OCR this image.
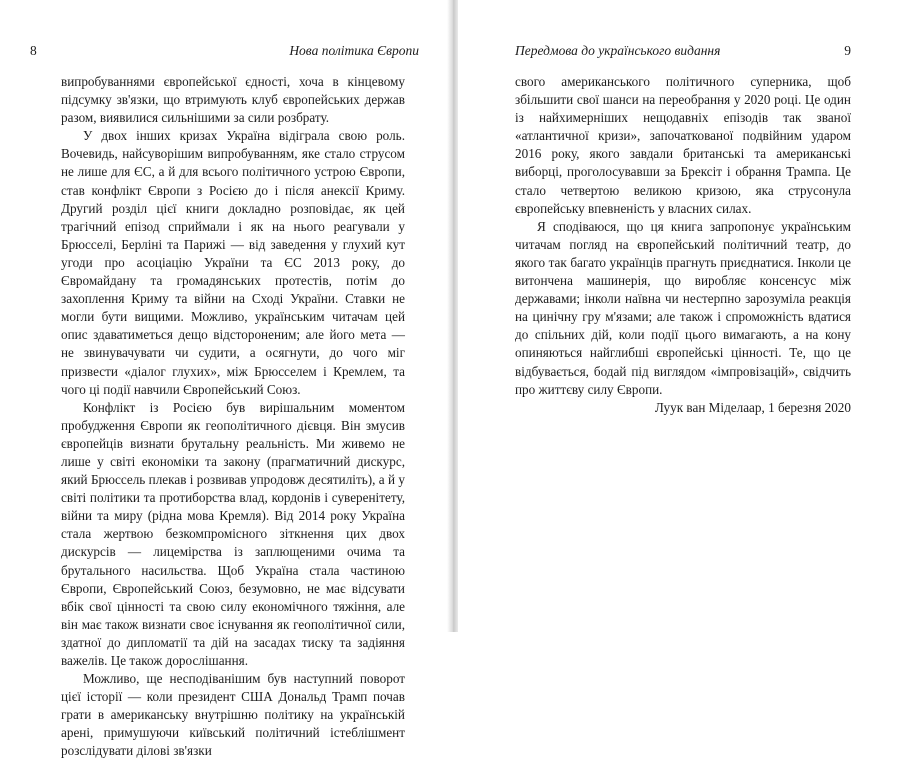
8	Нова політика Європи

випробуваннями європейської єдності, хоча в кінцевому підсумку зв'язки, що втримують клуб європейських держав разом, виявилися сильнішими за сили розбрату.

У двох інших кризах Україна відіграла свою роль. Вочевидь, найсуворішим випробуванням, яке стало струсом не лише для ЄС, а й для всього політичного устрою Європи, став конфлікт Європи з Росією до і після анексії Криму. Другий розділ цієї книги докладно розповідає, як цей трагічний епізод сприймали і як на нього реагували у Брюсселі, Берліні та Парижі — від заведення у глухий кут угоди про асоціацію України та ЄС 2013 року, до Євромайдану та громадянських протестів, потім до захоплення Криму та війни на Сході України. Ставки не могли бути вищими. Можливо, українським читачам цей опис здаватиметься дещо відстороненим; але його мета — не звинувачувати чи судити, а осягнути, до чого міг призвести «діалог глухих», між Брюсселем і Кремлем, та чого ці події навчили Європейський Союз.

Конфлікт із Росією був вирішальним моментом пробудження Європи як геополітичного дієвця. Він змусив європейців визнати брутальну реальність. Ми живемо не лише у світі економіки та закону (прагматичний дискурс, який Брюссель плекав і розвивав упродовж десятиліть), а й у світі політики та протиборства влад, кордонів і суверенітету, війни та миру (рідна мова Кремля). Від 2014 року Україна стала жертвою безкомпромісного зіткнення цих двох дискурсів — лицемірства із заплющеними очима та брутального насильства. Щоб Україна стала частиною Європи, Європейський Союз, безумовно, не має відсувати вбік свої цінності та свою силу економічного тяжіння, але він має також визнати своє існування як геополітичної сили, здатної до дипломатії та дій на засадах тиску та задіяння важелів. Це також дорослішання.

Можливо, ще несподіванішим був наступний поворот цієї історії — коли президент США Дональд Трамп почав грати в американську внутрішню політику на українській арені, примушуючи київський політичний істеблішмент розслідувати ділові зв'язки

Передмова до українського видання	9

свого американського політичного суперника, щоб збільшити свої шанси на переобрання у 2020 році. Це один із найхимерніших нещодавніх епізодів так званої «атлантичної кризи», започаткованої подвійним ударом 2016 року, якого завдали британські та американські виборці, проголосувавши за Брексіт і обрання Трампа. Це стало четвертою великою кризою, яка струсонула європейську впевненість у власних силах.

Я сподіваюся, що ця книга запропонує українським читачам погляд на європейський політичний театр, до якого так багато українців прагнуть приєднатися. Інколи це витончена машинерія, що виробляє консенсус між державами; інколи наївна чи нестерпно зарозуміла реакція на цинічну гру м'язами; але також і спроможність вдатися до спільних дій, коли події цього вимагають, а на кону опиняються найглибші європейські цінності. Те, що це відбувається, бодай під виглядом «імпровізацій», свідчить про життєву силу Європи.

Луук ван Міделаар, 1 березня 2020
